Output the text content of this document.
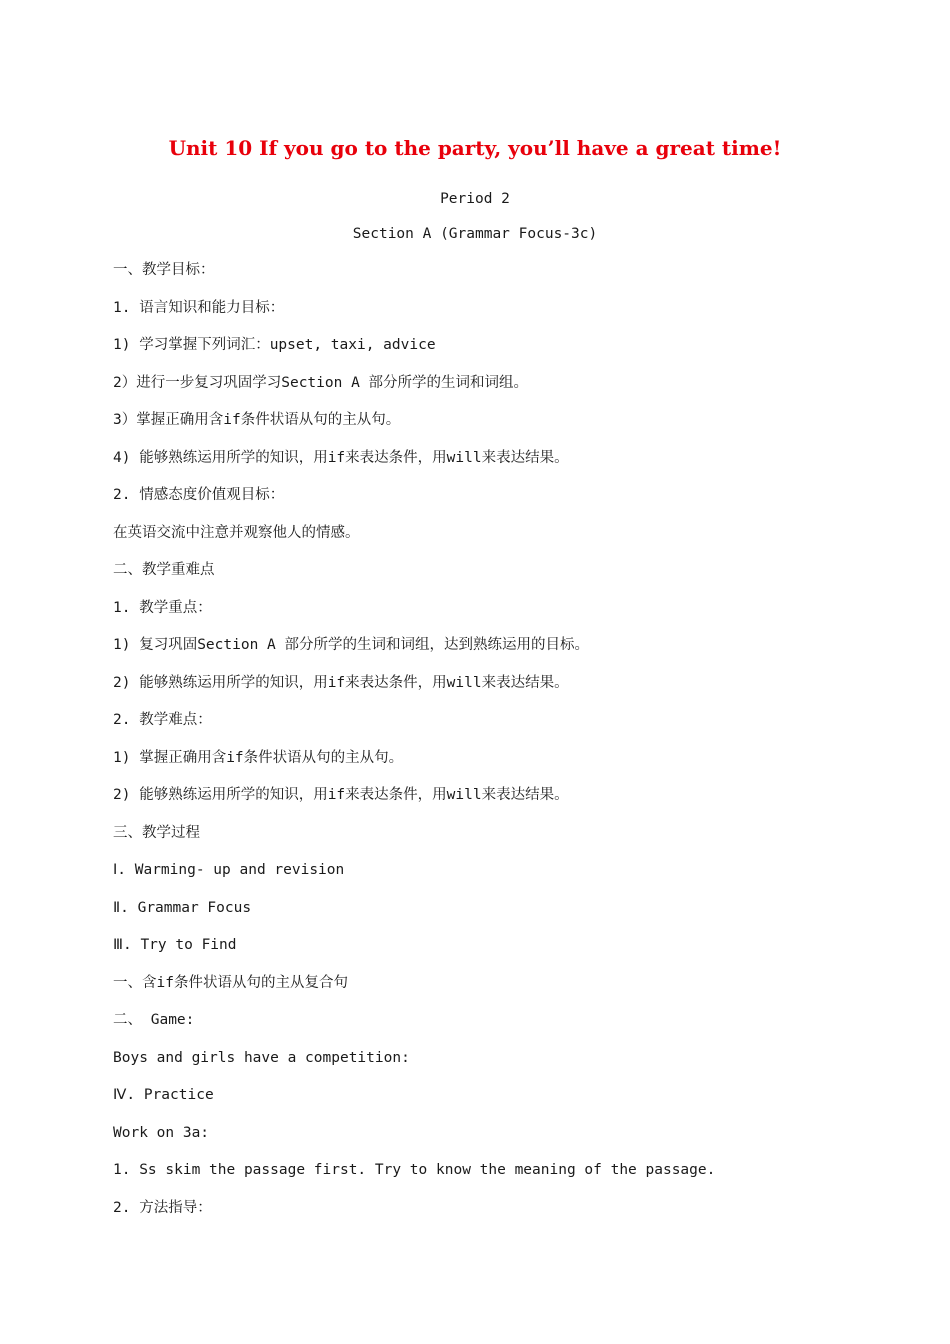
Unit 10 If you go to the party, you’ll have a great time!
Period 2
Section A (Grammar Focus-3c)
一、教学目标：
1. 语言知识和能力目标：
1) 学习掌握下列词汇：upset, taxi, advice
2）进行一步复习巩固学习Section A 部分所学的生词和词组。
3）掌握正确用含if条件状语从句的主从句。
4) 能够熟练运用所学的知识，用if来表达条件，用will来表达结果。
2. 情感态度价值观目标：
在英语交流中注意并观察他人的情感。
二、教学重难点
1. 教学重点：
1) 复习巩固Section A 部分所学的生词和词组，达到熟练运用的目标。
2) 能够熟练运用所学的知识，用if来表达条件，用will来表达结果。
2. 教学难点：
1) 掌握正确用含if条件状语从句的主从句。
2) 能够熟练运用所学的知识，用if来表达条件，用will来表达结果。
三、教学过程
Ⅰ. Warming- up and revision
Ⅱ. Grammar Focus
Ⅲ. Try to Find
一、含if条件状语从句的主从复合句
二、 Game:
Boys and girls have a competition:
Ⅳ. Practice
Work on 3a:
1. Ss skim the passage first. Try to know the meaning of the passage.
2. 方法指导：
